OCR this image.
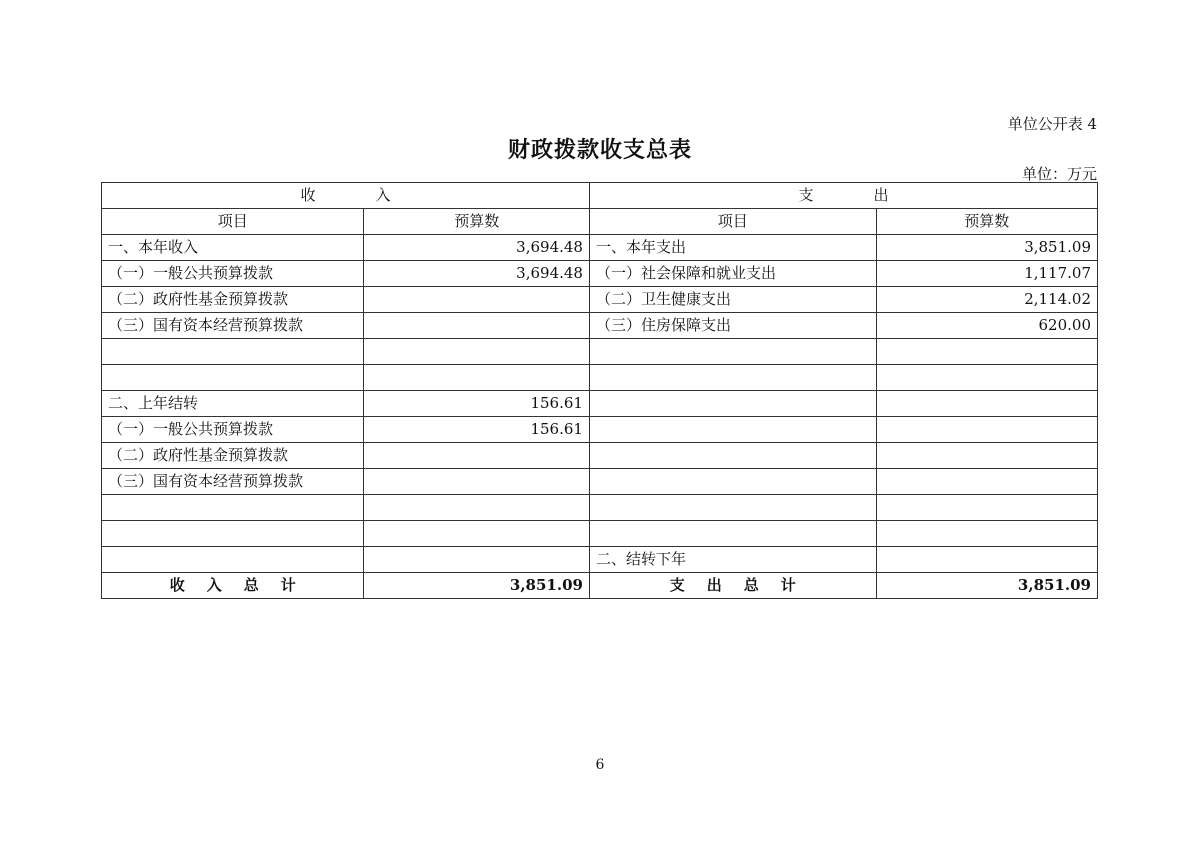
单位公开表 4
财政拨款收支总表
单位：万元
收入		支出	
项目	预算数	项目	预算数
一、本年收入	3,694.48	一、本年支出	3,851.09
（一）一般公共预算拨款	3,694.48	（一）社会保障和就业支出	1,117.07
（二）政府性基金预算拨款		（二）卫生健康支出	2,114.02
（三）国有资本经营预算拨款		（三）住房保障支出	620.00

二、上年结转	156.61		
（一）一般公共预算拨款	156.61		
（二）政府性基金预算拨款			
（三）国有资本经营预算拨款			

		二、结转下年	
收入总计	3,851.09	支出总计	3,851.09
6
